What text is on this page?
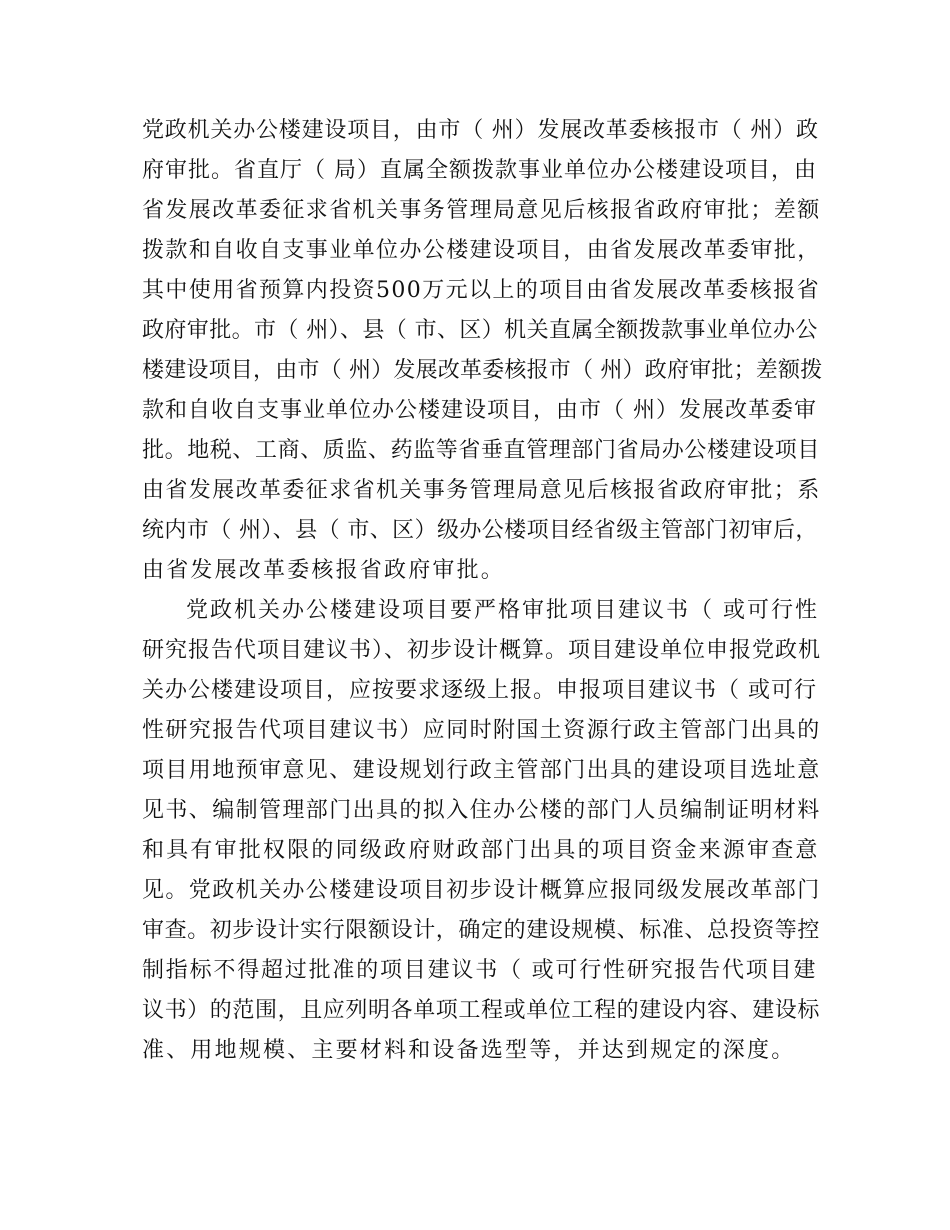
党政机关办公楼建设项目，由市（ 州）发展改革委核报市（ 州）政
府审批。省直厅（ 局）直属全额拨款事业单位办公楼建设项目，由
省发展改革委征求省机关事务管理局意见后核报省政府审批；差额
拨款和自收自支事业单位办公楼建设项目，由省发展改革委审批，
其中使用省预算内投资500万元以上的项目由省发展改革委核报省
政府审批。市（ 州）、县（ 市、区）机关直属全额拨款事业单位办公
楼建设项目，由市（ 州）发展改革委核报市（ 州）政府审批；差额拨
款和自收自支事业单位办公楼建设项目，由市（ 州）发展改革委审
批。地税、工商、质监、药监等省垂直管理部门省局办公楼建设项目
由省发展改革委征求省机关事务管理局意见后核报省政府审批；系
统内市（ 州）、县（ 市、区）级办公楼项目经省级主管部门初审后，
由省发展改革委核报省政府审批。
党政机关办公楼建设项目要严格审批项目建议书（ 或可行性
研究报告代项目建议书）、初步设计概算。项目建设单位申报党政机
关办公楼建设项目，应按要求逐级上报。申报项目建议书（ 或可行
性研究报告代项目建议书）应同时附国土资源行政主管部门出具的
项目用地预审意见、建设规划行政主管部门出具的建设项目选址意
见书、编制管理部门出具的拟入住办公楼的部门人员编制证明材料
和具有审批权限的同级政府财政部门出具的项目资金来源审查意
见。党政机关办公楼建设项目初步设计概算应报同级发展改革部门
审查。初步设计实行限额设计，确定的建设规模、标准、总投资等控
制指标不得超过批准的项目建议书（ 或可行性研究报告代项目建
议书）的范围，且应列明各单项工程或单位工程的建设内容、建设标
准、用地规模、主要材料和设备选型等，并达到规定的深度。
